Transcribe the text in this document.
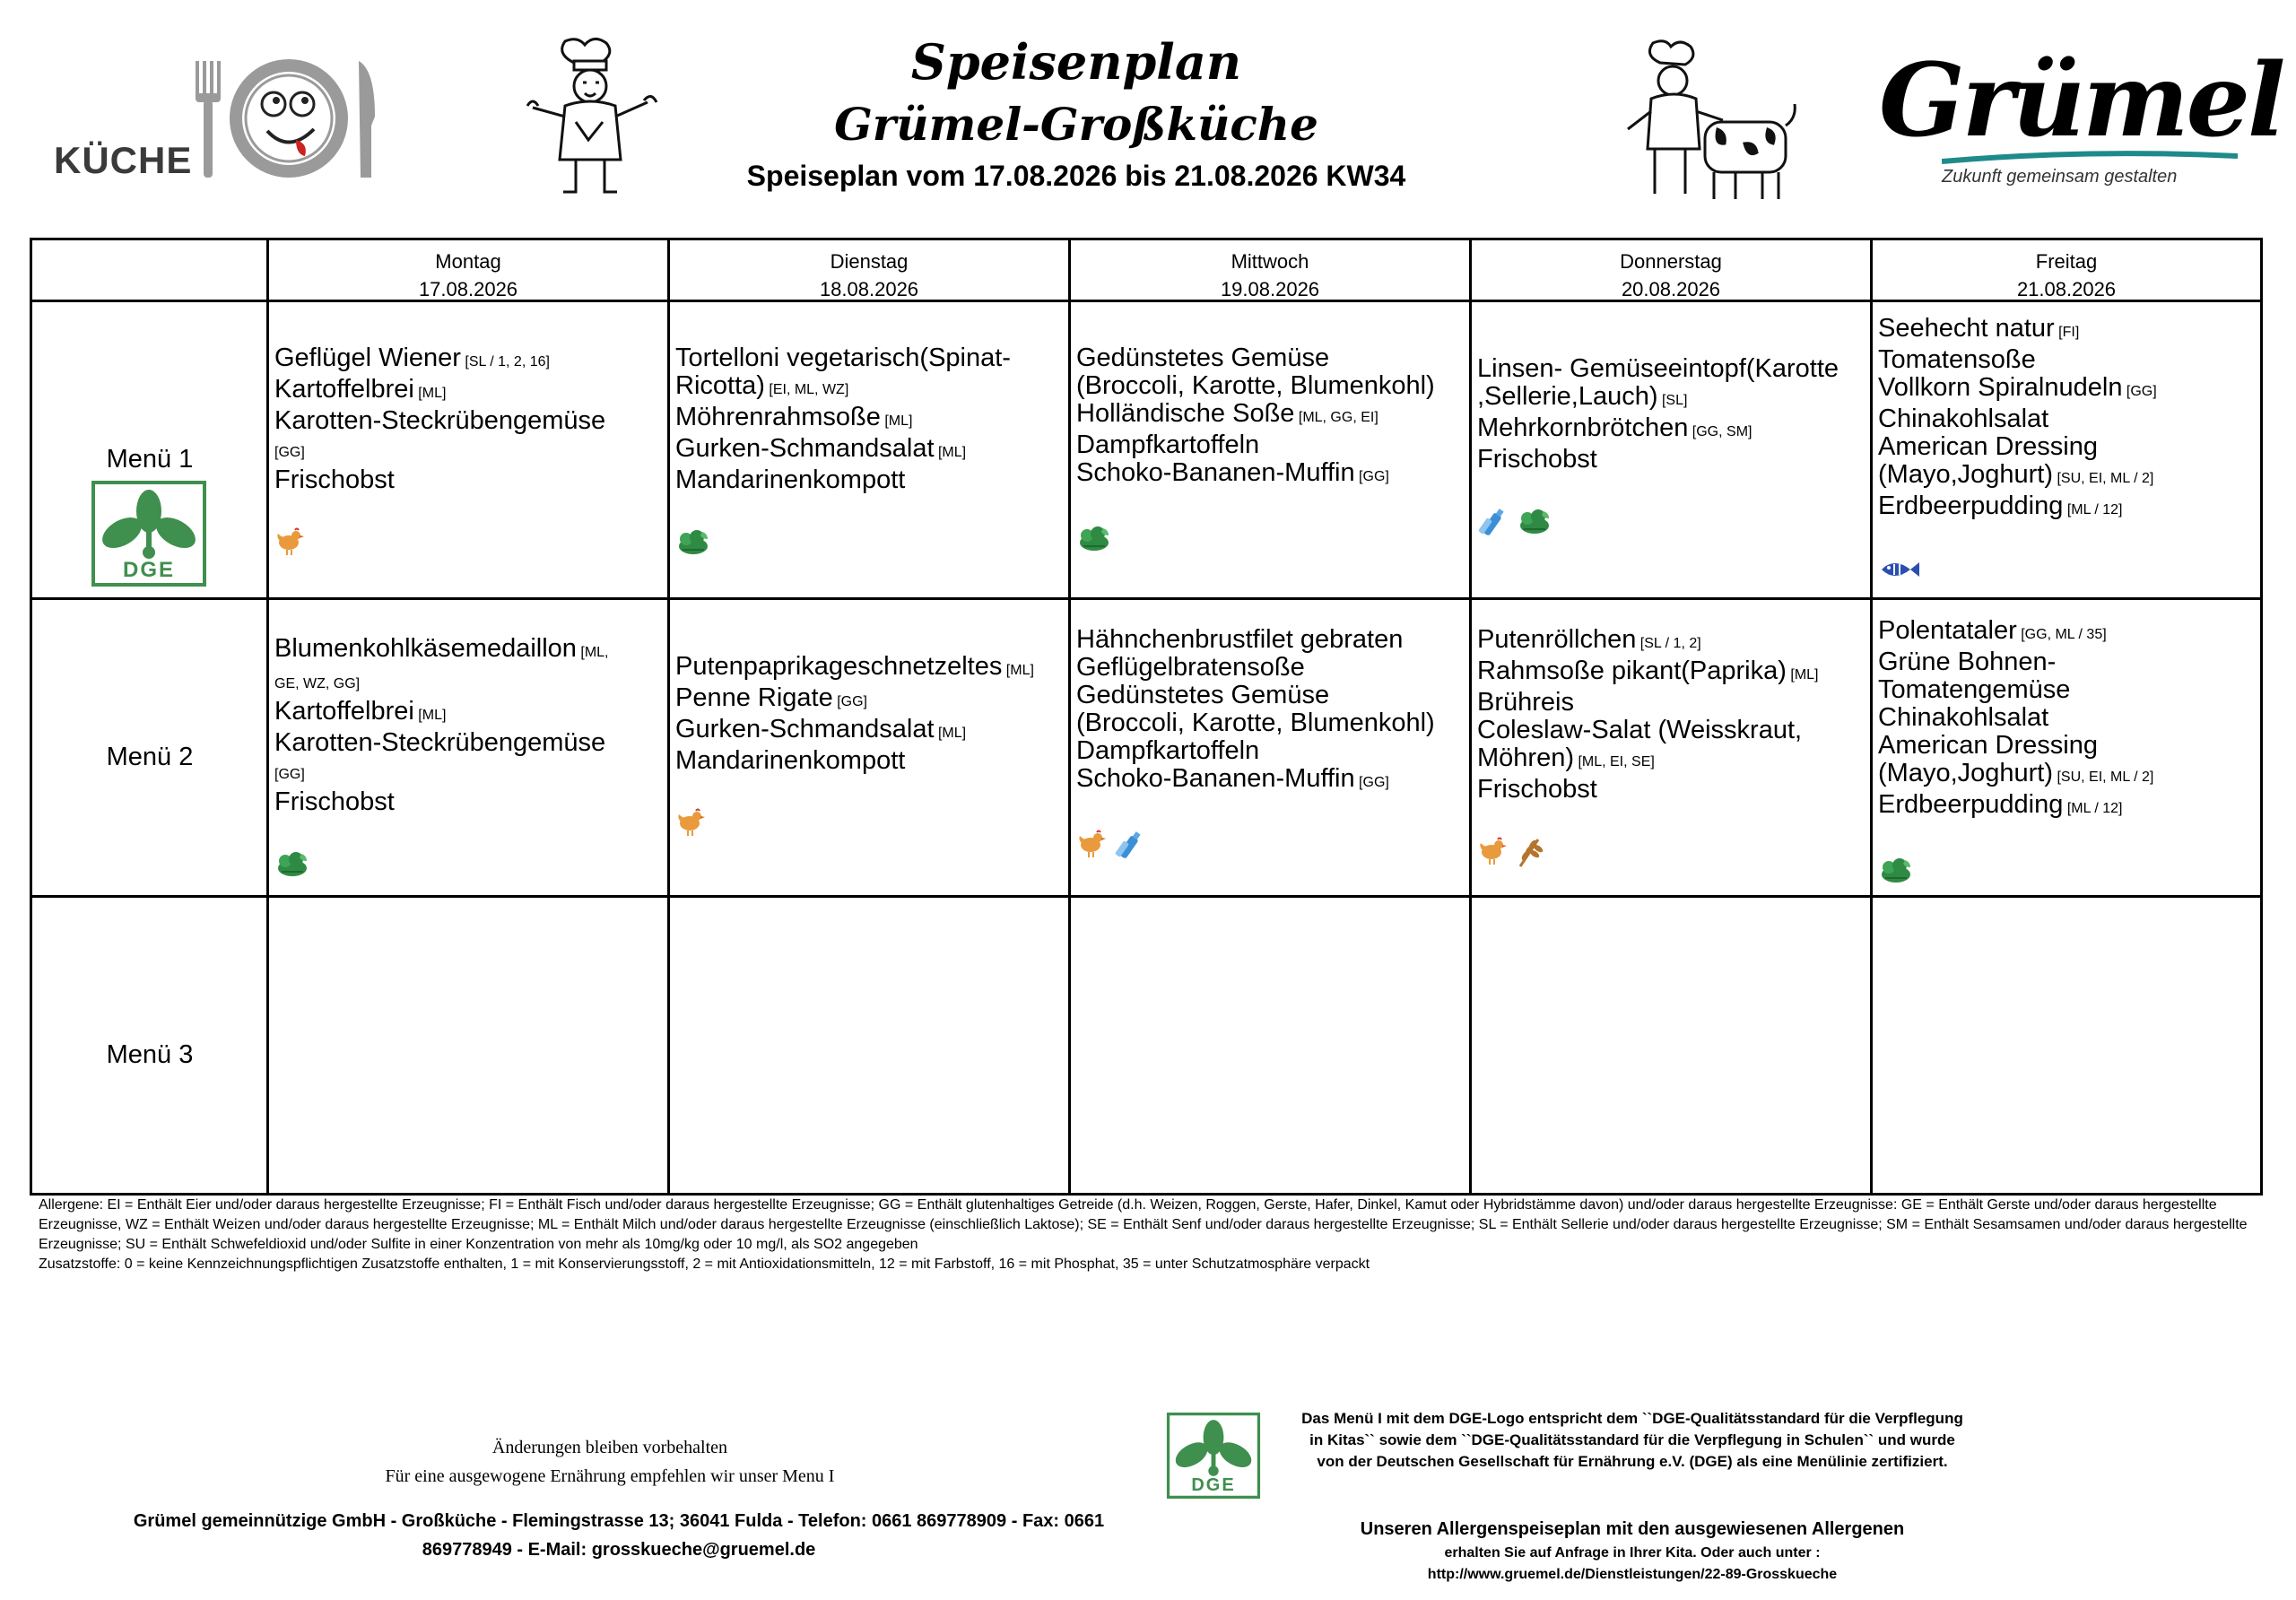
KÜCHE
Speisenplan
Grümel-Großküche
Speiseplan vom 17.08.2026 bis 21.08.2026 KW34
Grümel
Zukunft gemeinsam gestalten
Montag
17.08.2026
Dienstag
18.08.2026
Mittwoch
19.08.2026
Donnerstag
20.08.2026
Freitag
21.08.2026
Menü 1
DGE
Menü 2
Menü 3
Geflügel Wiener [SL / 1, 2, 16]
Kartoffelbrei [ML]
Karotten-Steckrübengemüse
[GG]
Frischobst
Tortelloni vegetarisch(Spinat-
Ricotta) [EI, ML, WZ]
Möhrenrahmsoße [ML]
Gurken-Schmandsalat [ML]
Mandarinenkompott
Gedünstetes Gemüse
(Broccoli, Karotte, Blumenkohl)
Holländische Soße [ML, GG, EI]
Dampfkartoffeln
Schoko-Bananen-Muffin [GG]
Linsen- Gemüseeintopf(Karotte
,Sellerie,Lauch) [SL]
Mehrkornbrötchen [GG, SM]
Frischobst
Seehecht natur [FI]
Tomatensoße
Vollkorn Spiralnudeln [GG]
Chinakohlsalat
American Dressing
(Mayo,Joghurt) [SU, EI, ML / 2]
Erdbeerpudding [ML / 12]
Blumenkohlkäsemedaillon [ML,
GE, WZ, GG]
Kartoffelbrei [ML]
Karotten-Steckrübengemüse
[GG]
Frischobst
Putenpaprikageschnetzeltes [ML]
Penne Rigate [GG]
Gurken-Schmandsalat [ML]
Mandarinenkompott
Hähnchenbrustfilet gebraten
Geflügelbratensoße
Gedünstetes Gemüse
(Broccoli, Karotte, Blumenkohl)
Dampfkartoffeln
Schoko-Bananen-Muffin [GG]
Putenröllchen [SL / 1, 2]
Rahmsoße pikant(Paprika) [ML]
Brühreis
Coleslaw-Salat (Weisskraut,
Möhren) [ML, EI, SE]
Frischobst
Polentataler [GG, ML / 35]
Grüne Bohnen-
Tomatengemüse
Chinakohlsalat
American Dressing
(Mayo,Joghurt) [SU, EI, ML / 2]
Erdbeerpudding [ML / 12]
Allergene: EI = Enthält Eier und/oder daraus hergestellte Erzeugnisse; FI = Enthält Fisch und/oder daraus hergestellte Erzeugnisse; GG = Enthält glutenhaltiges Getreide (d.h. Weizen, Roggen, Gerste, Hafer, Dinkel, Kamut oder Hybridstämme davon) und/oder daraus hergestellte Erzeugnisse: GE = Enthält Gerste und/oder daraus hergestellte Erzeugnisse, WZ = Enthält Weizen und/oder daraus hergestellte Erzeugnisse; ML = Enthält Milch und/oder daraus hergestellte Erzeugnisse (einschließlich Laktose); SE = Enthält Senf und/oder daraus hergestellte Erzeugnisse; SL = Enthält Sellerie und/oder daraus hergestellte Erzeugnisse; SM = Enthält Sesamsamen und/oder daraus hergestellte Erzeugnisse; SU = Enthält Schwefeldioxid und/oder Sulfite in einer Konzentration von mehr als 10mg/kg oder 10 mg/l, als SO2 angegeben
Zusatzstoffe: 0 = keine Kennzeichnungspflichtigen Zusatzstoffe enthalten, 1 = mit Konservierungsstoff, 2 = mit Antioxidationsmitteln, 12 = mit Farbstoff, 16 = mit Phosphat, 35 = unter Schutzatmosphäre verpackt
Änderungen bleiben vorbehalten
Für eine ausgewogene Ernährung empfehlen wir unser Menu I
Grümel gemeinnützige GmbH - Großküche - Flemingstrasse 13; 36041 Fulda - Telefon: 0661 869778909 - Fax: 0661
869778949 - E-Mail: grosskueche@gruemel.de
DGE
Das Menü I mit dem DGE-Logo entspricht dem ``DGE-Qualitätsstandard für die Verpflegung
in Kitas`` sowie dem ``DGE-Qualitätsstandard für die Verpflegung in Schulen`` und wurde
von der Deutschen Gesellschaft für Ernährung e.V. (DGE) als eine Menülinie zertifiziert.
Unseren Allergenspeiseplan mit den ausgewiesenen Allergenen
erhalten Sie auf Anfrage in Ihrer Kita. Oder auch unter :
http://www.gruemel.de/Dienstleistungen/22-89-Grosskueche
